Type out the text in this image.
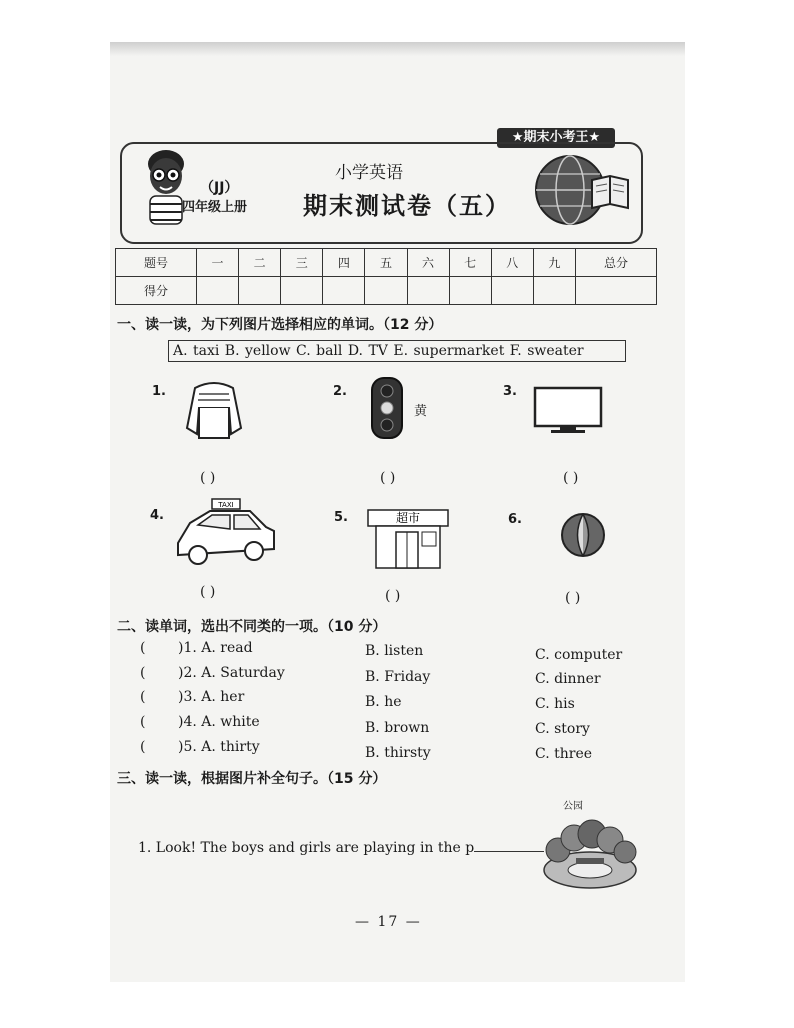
★期末小考王★
（JJ）
四年级上册
小学英语
期末测试卷（五）
题号	一	二	三	四	五	六	七	八	九	总分
得分										
一、读一读，为下列图片选择相应的单词。（12 分）
A. taxi B. yellow C. ball D. TV E. supermarket F. sweater
1.
( )
2.
黄
( )
3.
( )
4.
TAXI
( )
5.	超市
( )
6.
( )
二、读单词，选出不同类的一项。（10 分）
( )1. A. read	B. listen	C. computer
( )2. A. Saturday	B. Friday	C. dinner
( )3. A. her	B. he	C. his
( )4. A. white	B. brown	C. story
( )5. A. thirty	B. thirsty	C. three
三、读一读，根据图片补全句子。（15 分）
1. Look! The boys and girls are playing in the p
公园
— 17 —
